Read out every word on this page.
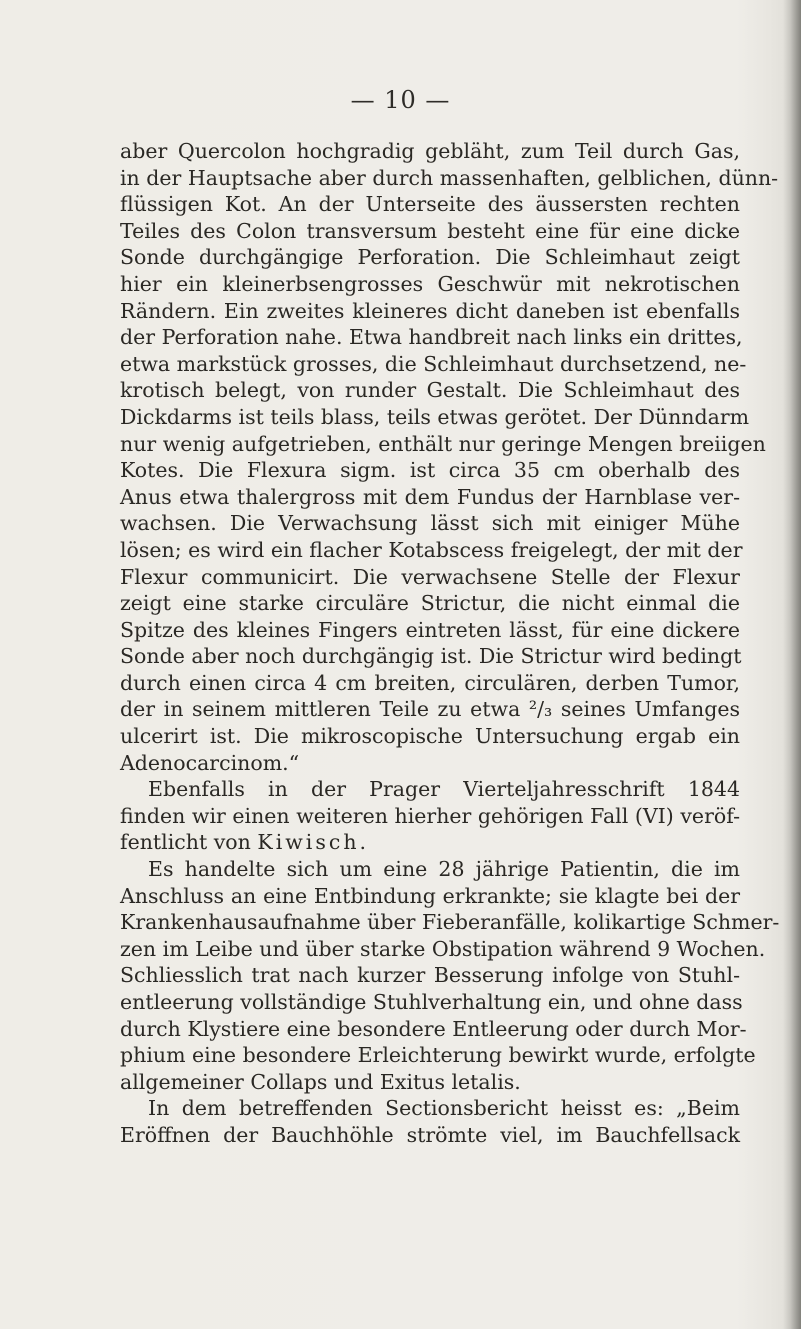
— 10 —
aber Quercolon hochgradig gebläht, zum Teil durch Gas,
in der Hauptsache aber durch massenhaften, gelblichen, dünn-
flüssigen Kot. An der Unterseite des äussersten rechten
Teiles des Colon transversum besteht eine für eine dicke
Sonde durchgängige Perforation. Die Schleimhaut zeigt
hier ein kleinerbsengrosses Geschwür mit nekrotischen
Rändern. Ein zweites kleineres dicht daneben ist ebenfalls
der Perforation nahe. Etwa handbreit nach links ein drittes,
etwa markstück grosses, die Schleimhaut durchsetzend, ne-
krotisch belegt, von runder Gestalt. Die Schleimhaut des
Dickdarms ist teils blass, teils etwas gerötet. Der Dünndarm
nur wenig aufgetrieben, enthält nur geringe Mengen breiigen
Kotes. Die Flexura sigm. ist circa 35 cm oberhalb des
Anus etwa thalergross mit dem Fundus der Harnblase ver-
wachsen. Die Verwachsung lässt sich mit einiger Mühe
lösen; es wird ein flacher Kotabscess freigelegt, der mit der
Flexur communicirt. Die verwachsene Stelle der Flexur
zeigt eine starke circuläre Strictur, die nicht einmal die
Spitze des kleines Fingers eintreten lässt, für eine dickere
Sonde aber noch durchgängig ist. Die Strictur wird bedingt
durch einen circa 4 cm breiten, circulären, derben Tumor,
der in seinem mittleren Teile zu etwa ²/₃ seines Umfanges
ulcerirt ist. Die mikroscopische Untersuchung ergab ein
Adenocarcinom.“
Ebenfalls in der Prager Vierteljahresschrift 1844
finden wir einen weiteren hierher gehörigen Fall (VI) veröf-
fentlicht von Kiwisch.
Es handelte sich um eine 28 jährige Patientin, die im
Anschluss an eine Entbindung erkrankte; sie klagte bei der
Krankenhausaufnahme über Fieberanfälle, kolikartige Schmer-
zen im Leibe und über starke Obstipation während 9 Wochen.
Schliesslich trat nach kurzer Besserung infolge von Stuhl-
entleerung vollständige Stuhlverhaltung ein, und ohne dass
durch Klystiere eine besondere Entleerung oder durch Mor-
phium eine besondere Erleichterung bewirkt wurde, erfolgte
allgemeiner Collaps und Exitus letalis.
In dem betreffenden Sectionsbericht heisst es: „Beim
Eröffnen der Bauchhöhle strömte viel, im Bauchfellsack
